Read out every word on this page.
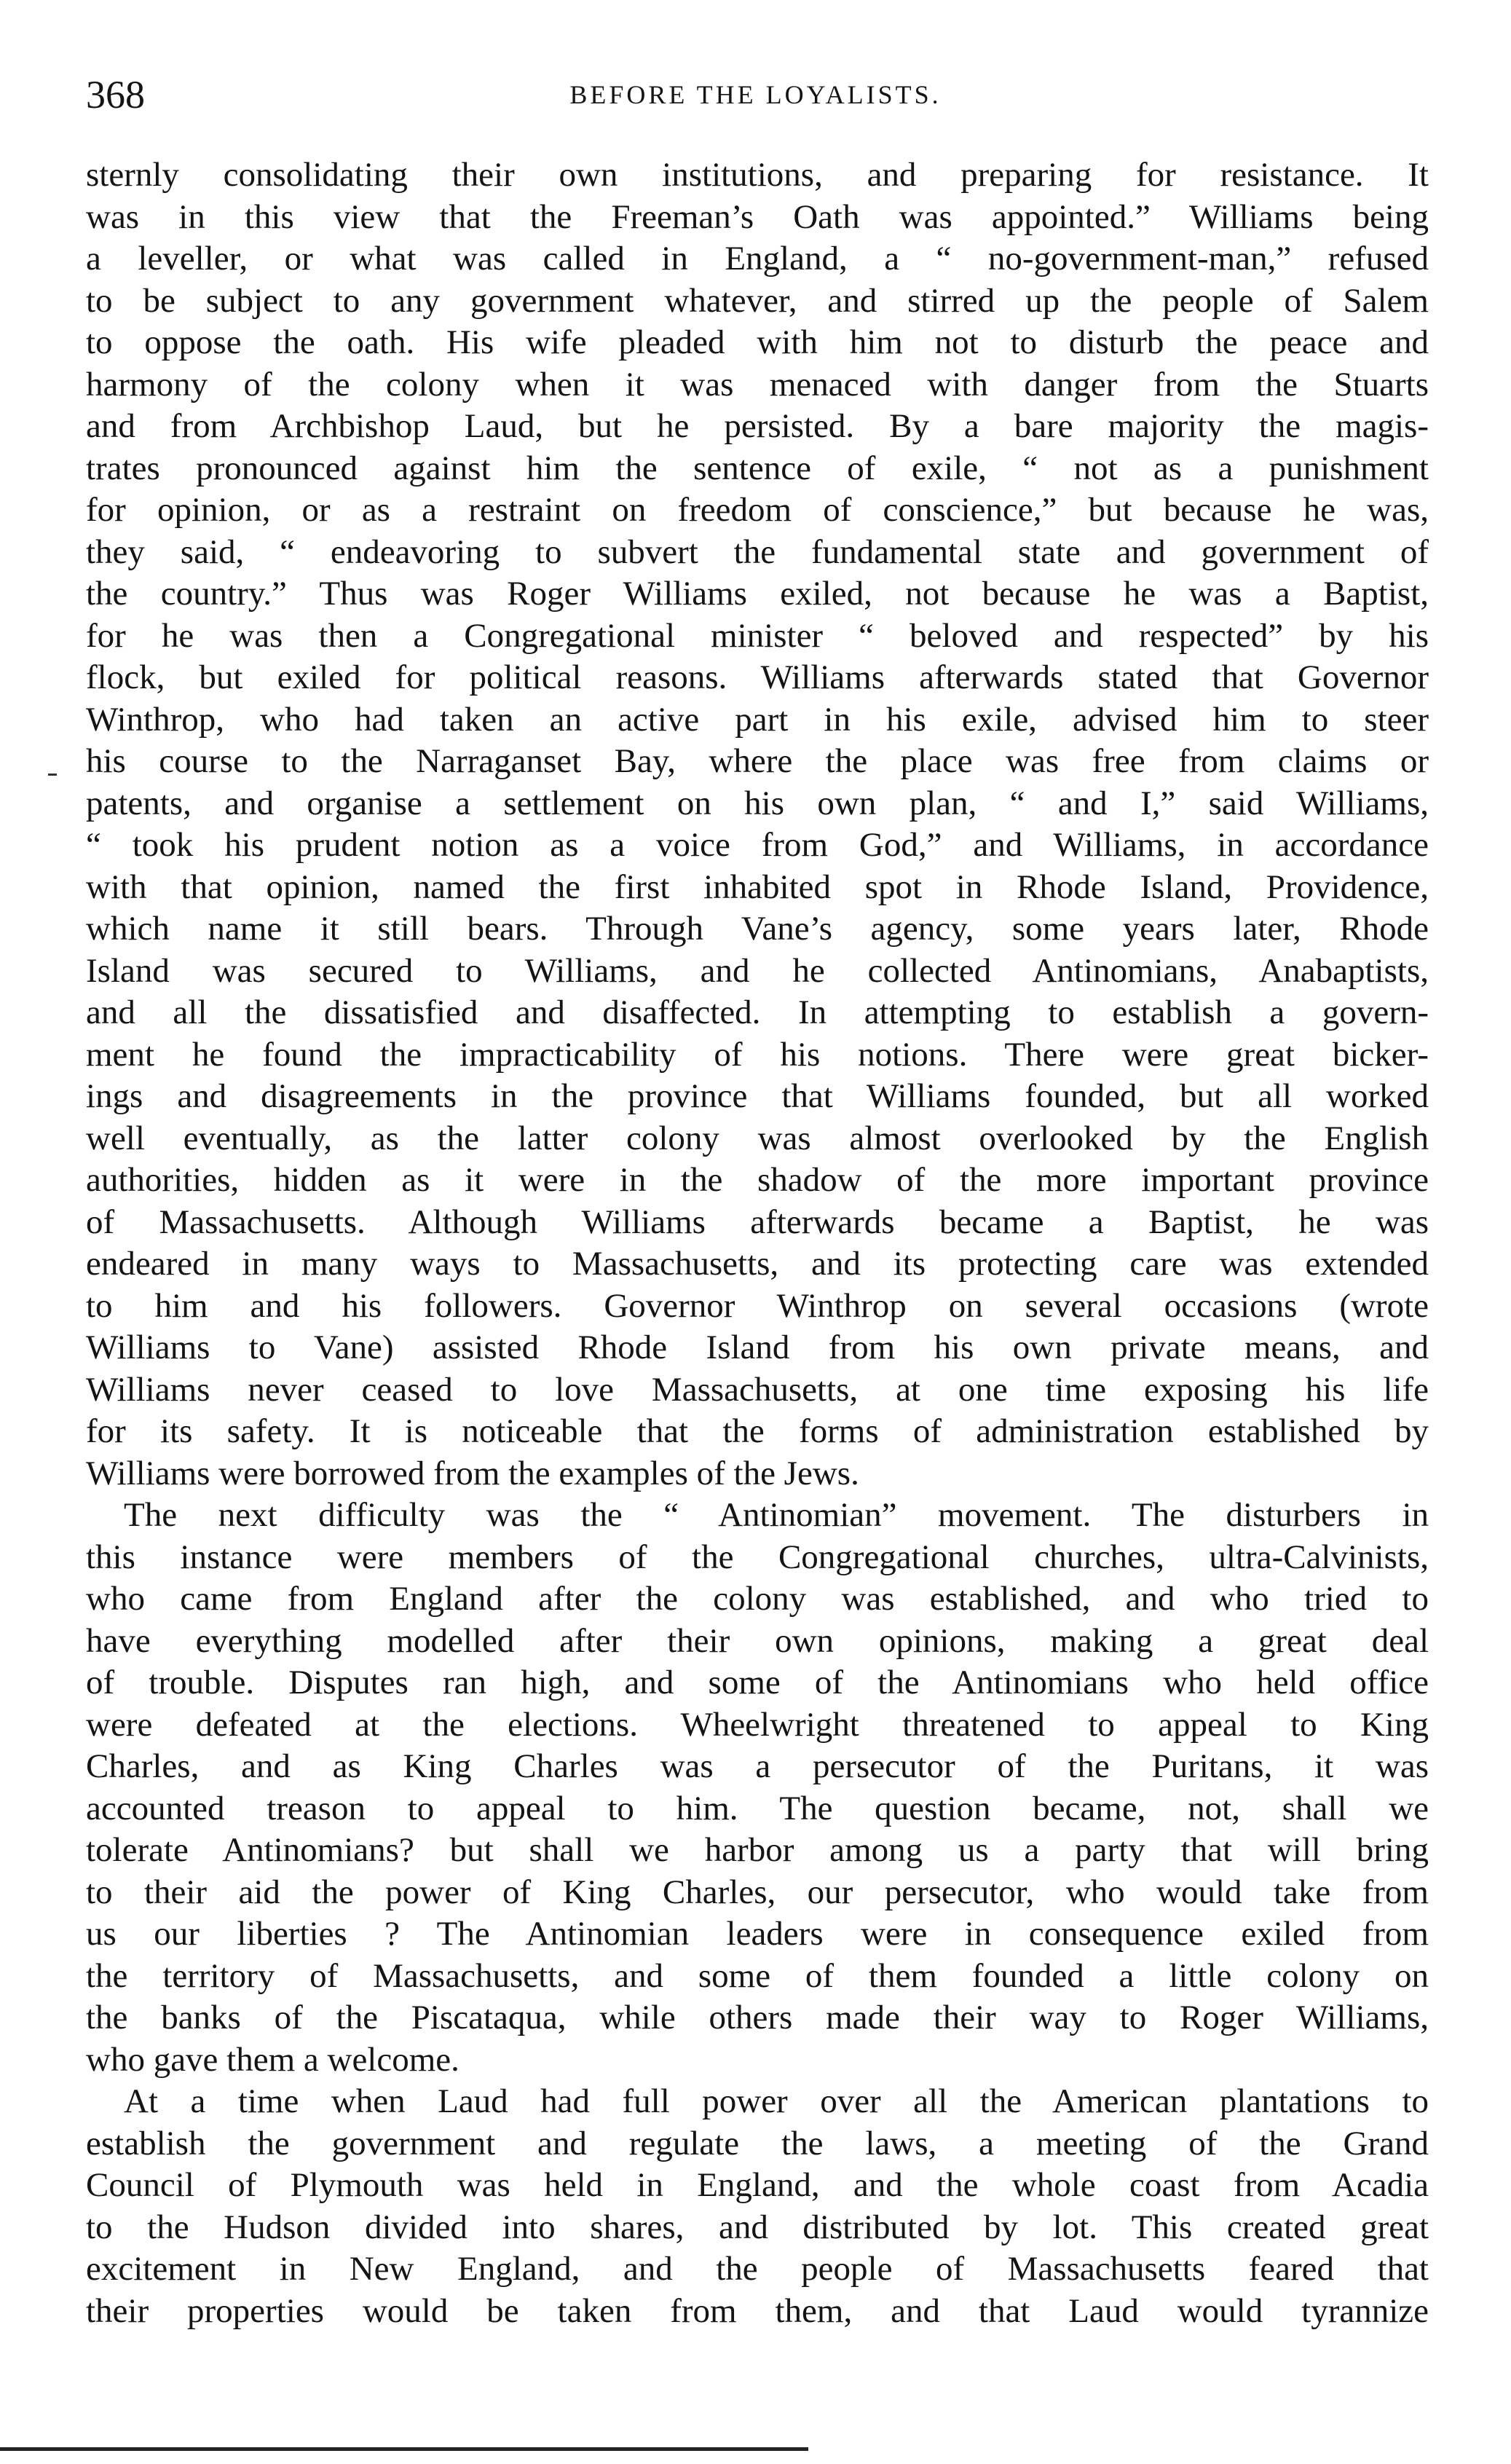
368	BEFORE THE LOYALISTS.
sternly consolidating their own institutions, and preparing for resistance. It
was in this view that the Freeman’s Oath was appointed.” Williams being
a leveller, or what was called in England, a “ no-government-man,” refused
to be subject to any government whatever, and stirred up the people of Salem
to oppose the oath. His wife pleaded with him not to disturb the peace and
harmony of the colony when it was menaced with danger from the Stuarts
and from Archbishop Laud, but he persisted. By a bare majority the magis-
trates pronounced against him the sentence of exile, “ not as a punishment
for opinion, or as a restraint on freedom of conscience,” but because he was,
they said, “ endeavoring to subvert the fundamental state and government of
the country.” Thus was Roger Williams exiled, not because he was a Baptist,
for he was then a Congregational minister “ beloved and respected” by his
flock, but exiled for political reasons. Williams afterwards stated that Governor
Winthrop, who had taken an active part in his exile, advised him to steer
his course to the Narraganset Bay, where the place was free from claims or
patents, and organise a settlement on his own plan, “ and I,” said Williams,
“ took his prudent notion as a voice from God,” and Williams, in accordance
with that opinion, named the first inhabited spot in Rhode Island, Providence,
which name it still bears. Through Vane’s agency, some years later, Rhode
Island was secured to Williams, and he collected Antinomians, Anabaptists,
and all the dissatisfied and disaffected. In attempting to establish a govern-
ment he found the impracticability of his notions. There were great bicker-
ings and disagreements in the province that Williams founded, but all worked
well eventually, as the latter colony was almost overlooked by the English
authorities, hidden as it were in the shadow of the more important province
of Massachusetts. Although Williams afterwards became a Baptist, he was
endeared in many ways to Massachusetts, and its protecting care was extended
to him and his followers. Governor Winthrop on several occasions (wrote
Williams to Vane) assisted Rhode Island from his own private means, and
Williams never ceased to love Massachusetts, at one time exposing his life
for its safety. It is noticeable that the forms of administration established by
Williams were borrowed from the examples of the Jews.
The next difficulty was the “ Antinomian” movement. The disturbers in
this instance were members of the Congregational churches, ultra-Calvinists,
who came from England after the colony was established, and who tried to
have everything modelled after their own opinions, making a great deal
of trouble. Disputes ran high, and some of the Antinomians who held office
were defeated at the elections. Wheelwright threatened to appeal to King
Charles, and as King Charles was a persecutor of the Puritans, it was
accounted treason to appeal to him. The question became, not, shall we
tolerate Antinomians? but shall we harbor among us a party that will bring
to their aid the power of King Charles, our persecutor, who would take from
us our liberties ? The Antinomian leaders were in consequence exiled from
the territory of Massachusetts, and some of them founded a little colony on
the banks of the Piscataqua, while others made their way to Roger Williams,
who gave them a welcome.
At a time when Laud had full power over all the American plantations to
establish the government and regulate the laws, a meeting of the Grand
Council of Plymouth was held in England, and the whole coast from Acadia
to the Hudson divided into shares, and distributed by lot. This created great
excitement in New England, and the people of Massachusetts feared that
their properties would be taken from them, and that Laud would tyrannize
